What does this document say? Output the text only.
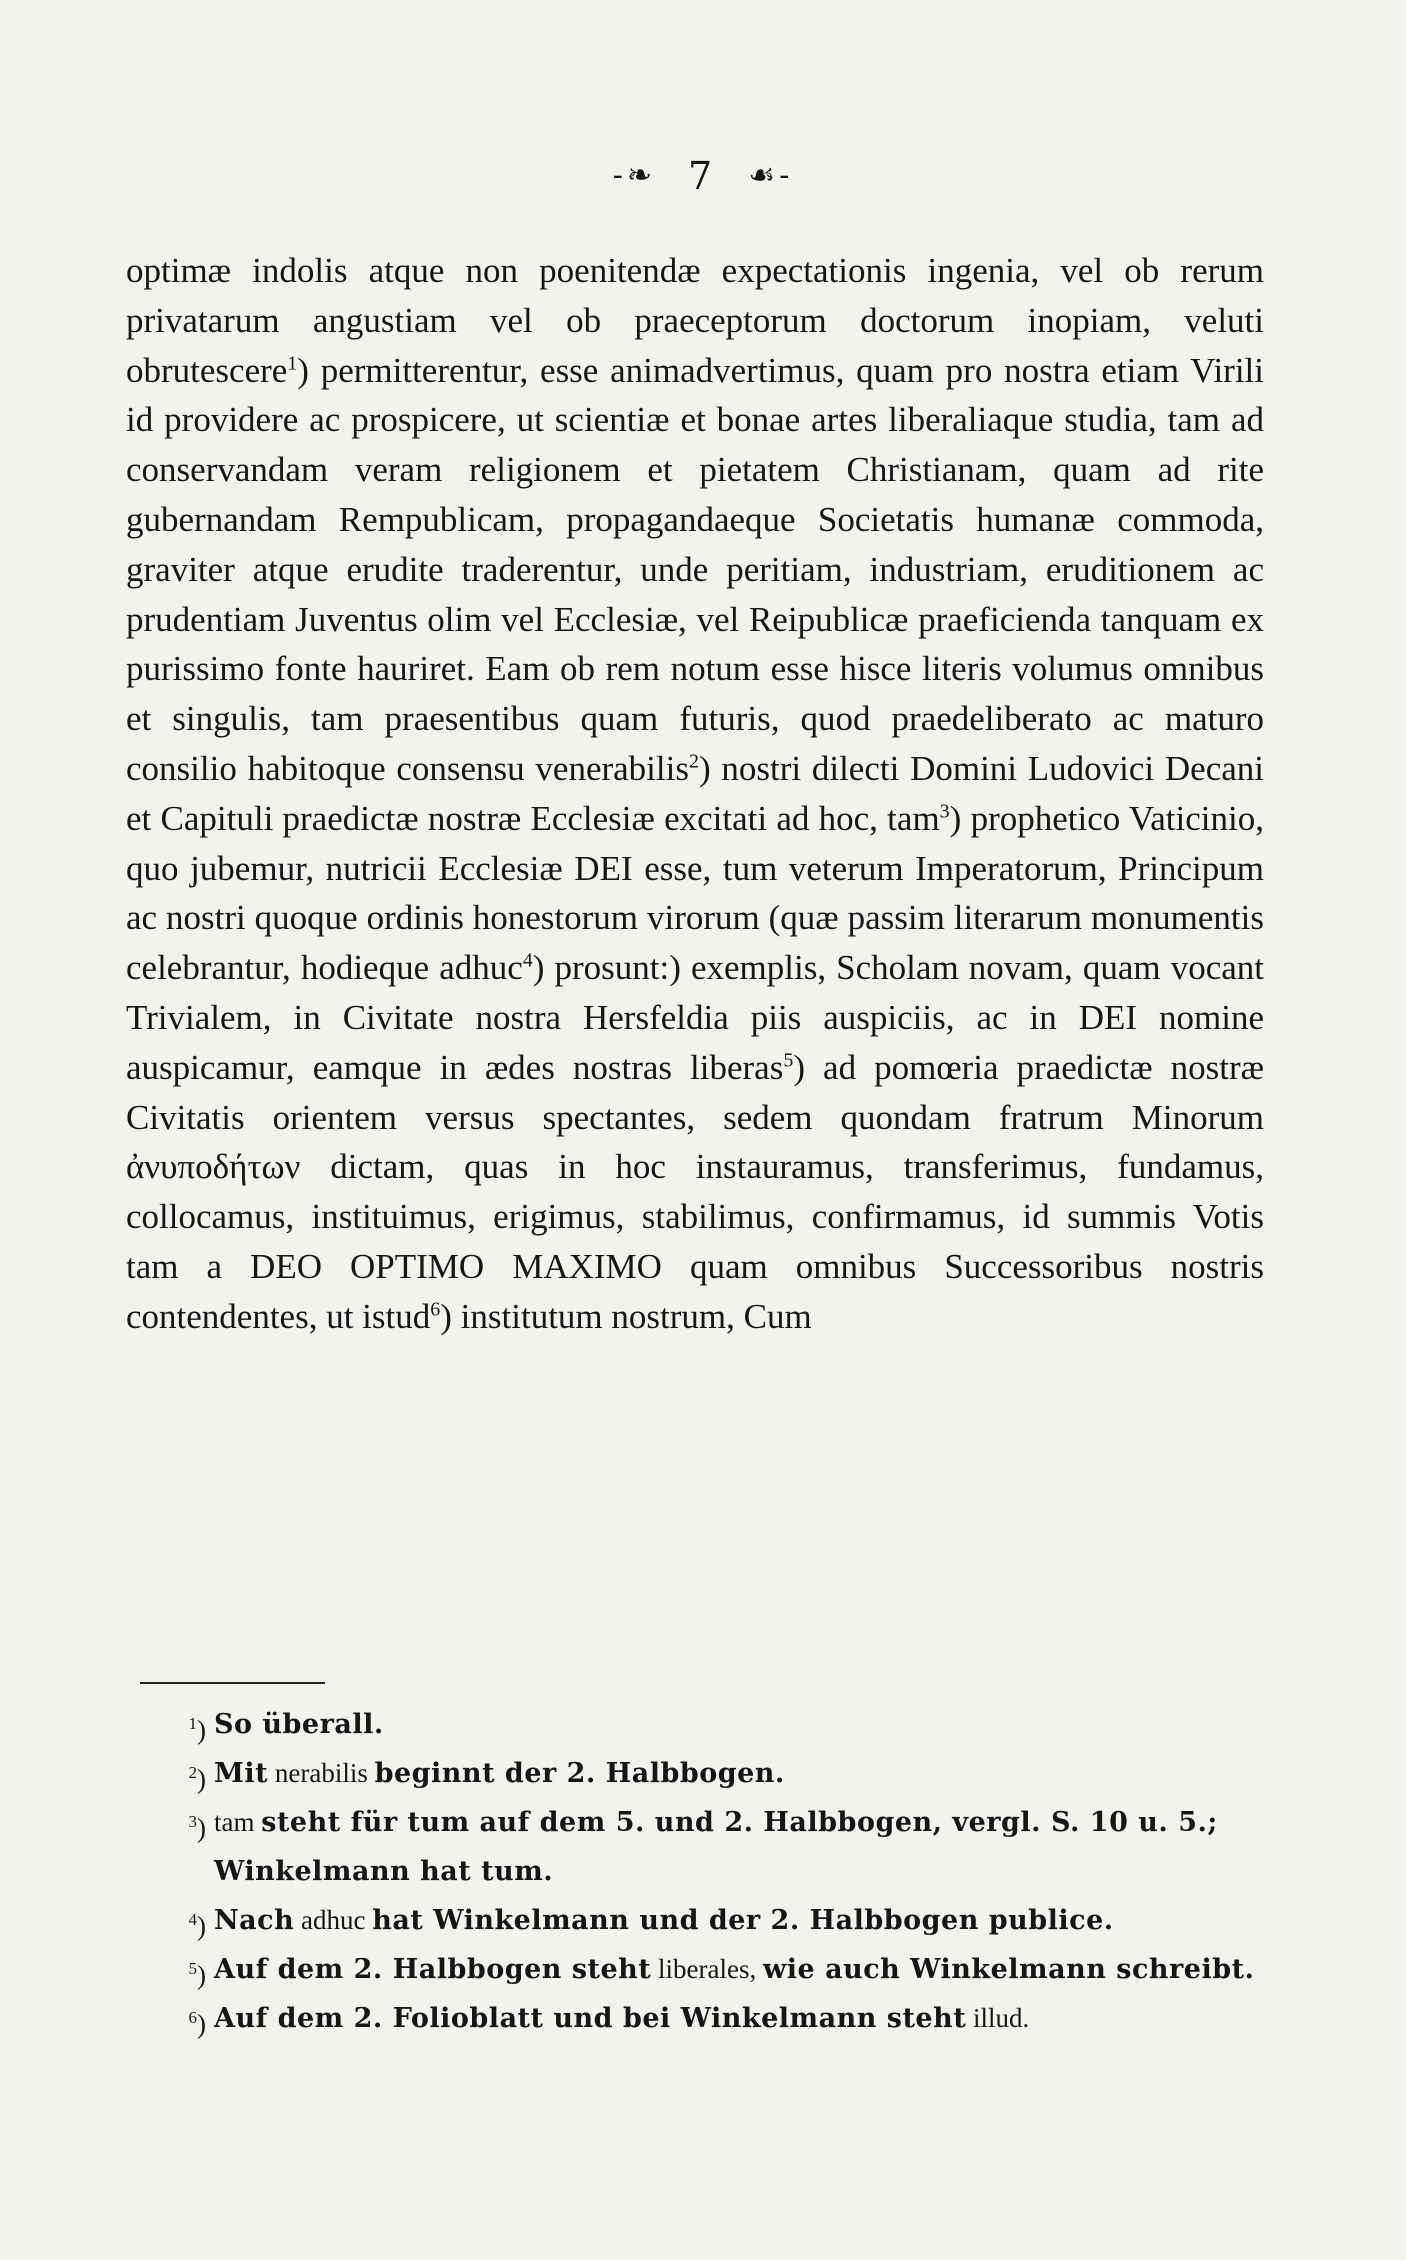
-❧ 7 ☙-
optimæ indolis atque non poenitendæ expectationis ingenia, vel ob rerum privatarum angustiam vel ob praeceptorum doctorum inopiam, veluti obrutescere$^1$) permitterentur, esse animadvertimus, quam pro nostra etiam Virili id providere ac prospicere, ut scientiæ et bonae artes liberaliaque studia, tam ad conservandam veram religionem et pietatem Christianam, quam ad rite gubernandam Rempublicam, propagandaeque Societatis humanæ commoda, graviter atque erudite traderentur, unde peritiam, industriam, eruditionem ac prudentiam Juventus olim vel Ecclesiæ, vel Reipublicæ praeficienda tanquam ex purissimo fonte hauriret. Eam ob rem notum esse hisce literis volumus omnibus et singulis, tam praesentibus quam futuris, quod praedeliberato ac maturo consilio habitoque consensu venerabilis$^2$) nostri dilecti Domini Ludovici Decani et Capituli praedictæ nostræ Ecclesiæ excitati ad hoc, tam$^3$) prophetico Vaticinio, quo jubemur, nutricii Ecclesiæ DEI esse, tum veterum Imperatorum, Principum ac nostri quoque ordinis honestorum virorum (quæ passim literarum monumentis celebrantur, hodieque adhuc$^4$) prosunt:) exemplis, Scholam novam, quam vocant Trivialem, in Civitate nostra Hersfeldia piis auspiciis, ac in DEI nomine auspicamur, eamque in ædes nostras liberas$^5$) ad pomœria praedictæ nostræ Civitatis orientem versus spectantes, sedem quondam fratrum Minorum ἀνυποδήτων dictam, quas in hoc instauramus, transferimus, fundamus, collocamus, instituimus, erigimus, stabilimus, confirmamus, id summis Votis tam a DEO OPTIMO MAXIMO quam omnibus Successoribus nostris contendentes, ut istud$^6$) institutum nostrum, Cum
$^1$) So überall.
$^2$) Mit nerabilis beginnt der 2. Halbbogen.
$^3$) tam steht für tum auf dem 5. und 2. Halbbogen, vergl. S. 10 u. 5.; Winkelmann hat tum.
$^4$) Nach adhuc hat Winkelmann und der 2. Halbbogen publice.
$^5$) Auf dem 2. Halbbogen steht liberales, wie auch Winkelmann schreibt.
$^6$) Auf dem 2. Folioblatt und bei Winkelmann steht illud.
